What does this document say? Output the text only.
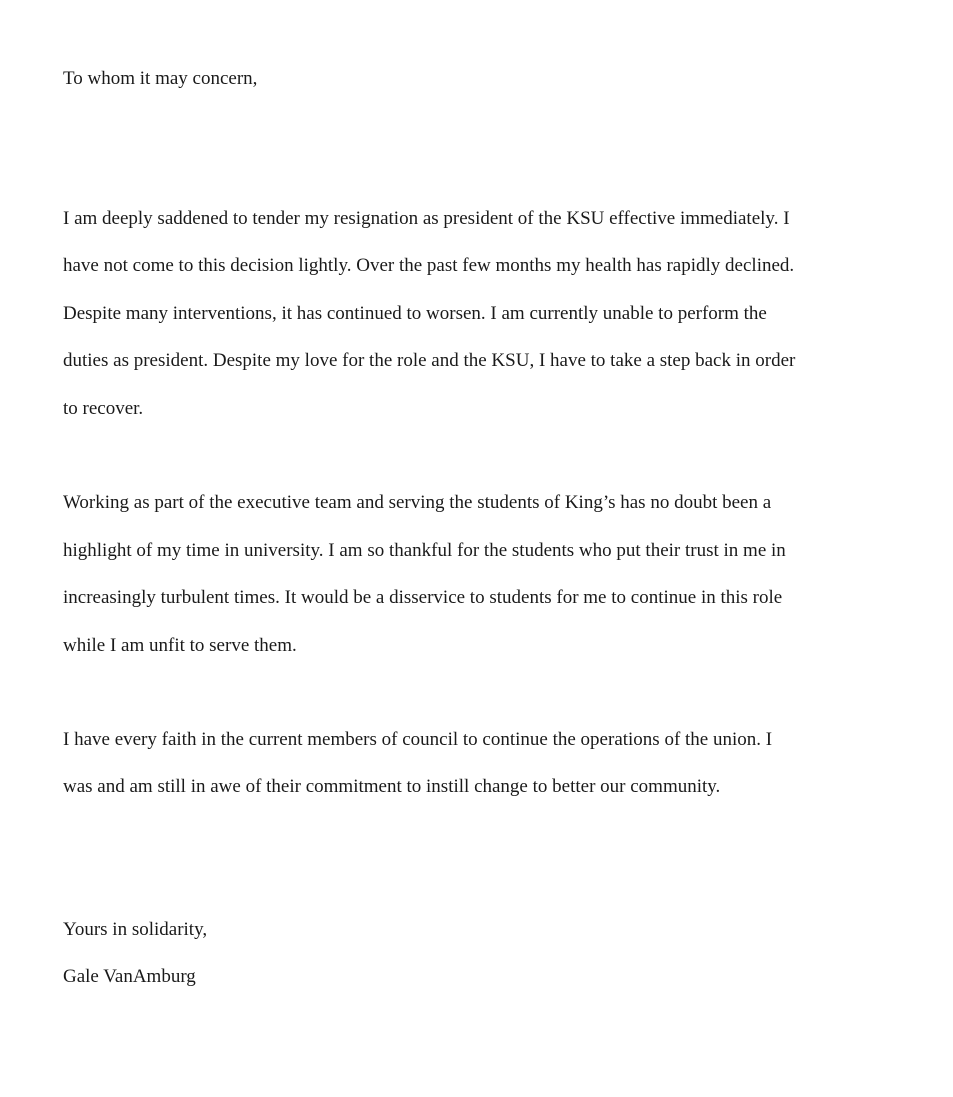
To whom it may concern,

I am deeply saddened to tender my resignation as president of the KSU effective immediately. I

have not come to this decision lightly. Over the past few months my health has rapidly declined.

Despite many interventions, it has continued to worsen. I am currently unable to perform the

duties as president. Despite my love for the role and the KSU, I have to take a step back in order

to recover.

Working as part of the executive team and serving the students of King’s has no doubt been a

highlight of my time in university. I am so thankful for the students who put their trust in me in

increasingly turbulent times. It would be a disservice to students for me to continue in this role

while I am unfit to serve them.

I have every faith in the current members of council to continue the operations of the union. I

was and am still in awe of their commitment to instill change to better our community.

Yours in solidarity,

Gale VanAmburg
